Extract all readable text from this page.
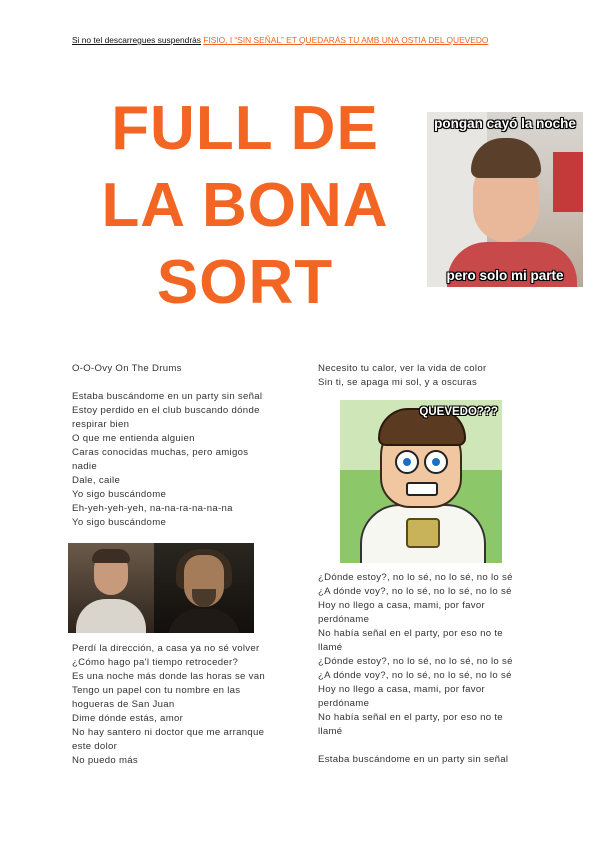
Si no tel descarregues suspendràs FISIO, I “SIN SEÑAL” ET QUEDARÀS TU AMB UNA OSTIA DEL QUEVEDO
FULL DE
LA BONA
SORT
pongan cayó la noche
pero solo mi parte

O-O-Ovy On The Drums

Estaba buscándome en un party sin señal

Estoy perdido en el club buscando dónde

respirar bien

O que me entienda alguien

Caras conocidas muchas, pero amigos

nadie

Dale, caile

Yo sigo buscándome

Eh-yeh-yeh-yeh, na-na-ra-na-na-na

Yo sigo buscándome

Perdí la dirección, a casa ya no sé volver

¿Cómo hago pa'l tiempo retroceder?

Es una noche más donde las horas se van

Tengo un papel con tu nombre en las

hogueras de San Juan

Dime dónde estás, amor

No hay santero ni doctor que me arranque

este dolor

No puedo más

Necesito tu calor, ver la vida de color

Sin ti, se apaga mi sol, y a oscuras

QUEVEDO???

¿Dónde estoy?, no lo sé, no lo sé, no lo sé

¿A dónde voy?, no lo sé, no lo sé, no lo sé

Hoy no llego a casa, mami, por favor

perdóname

No había señal en el party, por eso no te

llamé

¿Dónde estoy?, no lo sé, no lo sé, no lo sé

¿A dónde voy?, no lo sé, no lo sé, no lo sé

Hoy no llego a casa, mami, por favor

perdóname

No había señal en el party, por eso no te

llamé

Estaba buscándome en un party sin señal
